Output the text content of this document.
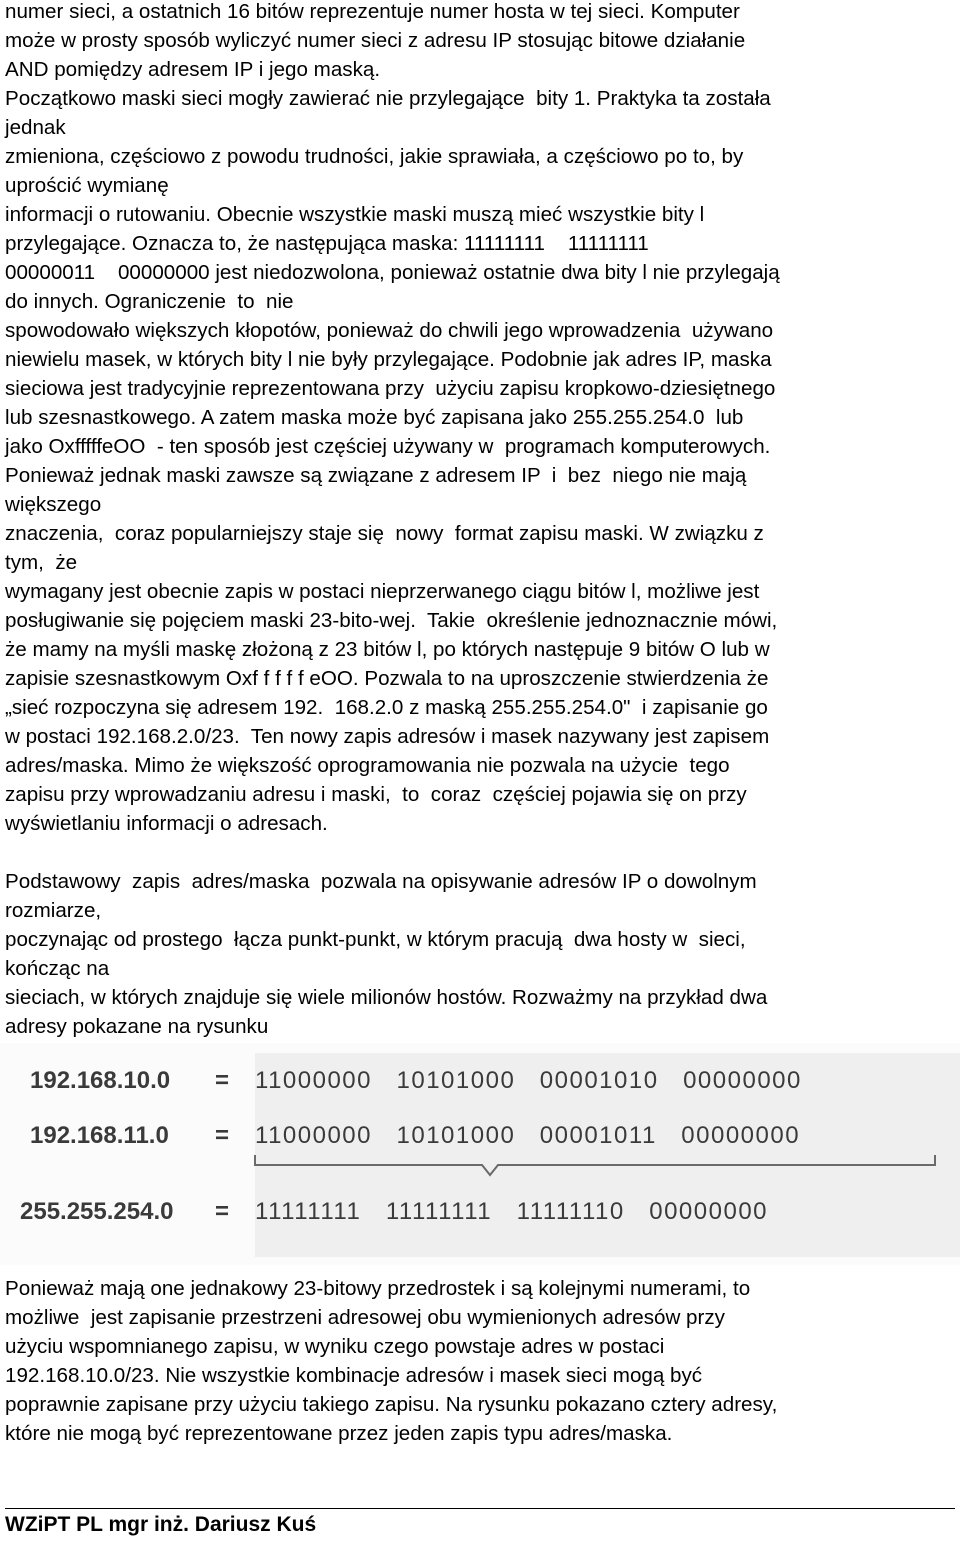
numer sieci, a ostatnich 16 bitów reprezentuje numer hosta w tej sieci. Komputer

może w prosty sposób wyliczyć numer sieci z adresu IP stosując bitowe działanie

AND pomiędzy adresem IP i jego maską.

Początkowo maski sieci mogły zawierać nie przylegające  bity 1. Praktyka ta została

jednak

zmieniona, częściowo z powodu trudności, jakie sprawiała, a częściowo po to, by

uprościć wymianę

informacji o rutowaniu. Obecnie wszystkie maski muszą mieć wszystkie bity l

przylegające. Oznacza to, że następująca maska: 11111111    11111111

00000011    00000000 jest niedozwolona, ponieważ ostatnie dwa bity l nie przylegają

do innych. Ograniczenie  to  nie

spowodowało większych kłopotów, ponieważ do chwili jego wprowadzenia  używano

niewielu masek, w których bity l nie były przylegające. Podobnie jak adres IP, maska

sieciowa jest tradycyjnie reprezentowana przy  użyciu zapisu kropkowo-dziesiętnego

lub szesnastkowego. A zatem maska może być zapisana jako 255.255.254.0  lub

jako OxfffffeOO  - ten sposób jest częściej używany w  programach komputerowych.

Ponieważ jednak maski zawsze są związane z adresem IP  i  bez  niego nie mają

większego

znaczenia,  coraz popularniejszy staje się  nowy  format zapisu maski. W związku z

tym,  że

wymagany jest obecnie zapis w postaci nieprzerwanego ciągu bitów l, możliwe jest

posługiwanie się pojęciem maski 23-bito-wej.  Takie  określenie jednoznacznie mówi,

że mamy na myśli maskę złożoną z 23 bitów l, po których następuje 9 bitów O lub w

zapisie szesnastkowym Oxf f f f f eOO. Pozwala to na uproszczenie stwierdzenia że

„sieć rozpoczyna się adresem 192.  168.2.0 z maską 255.255.254.0"  i zapisanie go

w postaci 192.168.2.0/23.  Ten nowy zapis adresów i masek nazywany jest zapisem

adres/maska. Mimo że większość oprogramowania nie pozwala na użycie  tego

zapisu przy wprowadzaniu adresu i maski,  to  coraz  częściej pojawia się on przy

wyświetlaniu informacji o adresach.

Podstawowy  zapis  adres/maska  pozwala na opisywanie adresów IP o dowolnym

rozmiarze,

poczynając od prostego  łącza punkt-punkt, w którym pracują  dwa hosty w  sieci,

kończąc na

sieciach, w których znajduje się wiele milionów hostów. Rozważmy na przykład dwa

adresy pokazane na rysunku

192.168.10.0 = 11000000   10101000   00001010   00000000
192.168.11.0 = 11000000   10101000   00001011   00000000
255.255.254.0 = 11111111   11111111   11111110   00000000

Ponieważ mają one jednakowy 23-bitowy przedrostek i są kolejnymi numerami, to

możliwe  jest zapisanie przestrzeni adresowej obu wymienionych adresów przy

użyciu wspomnianego zapisu, w wyniku czego powstaje adres w postaci

192.168.10.0/23. Nie wszystkie kombinacje adresów i masek sieci mogą być

poprawnie zapisane przy użyciu takiego zapisu. Na rysunku pokazano cztery adresy,

które nie mogą być reprezentowane przez jeden zapis typu adres/maska.

WZiPT PL mgr inż. Dariusz Kuś
